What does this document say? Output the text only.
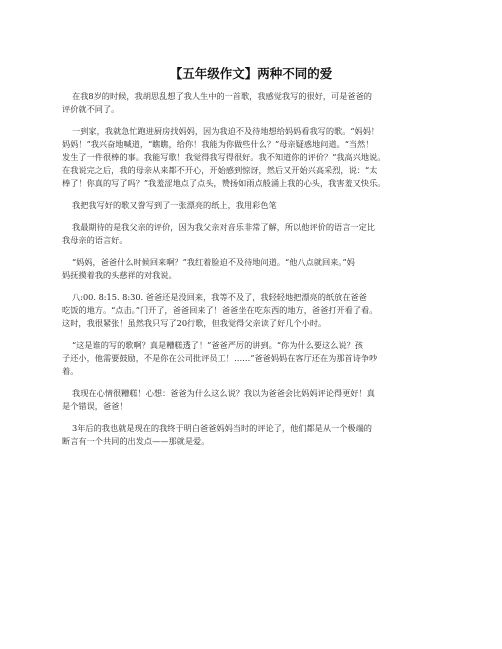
【五年级作文】两种不同的爱

在我8岁的时候，我胡思乱想了我人生中的一首歌，我感觉我写的很好，可是爸爸的
评价就不同了。

一到家，我就急忙跑进厨房找妈妈，因为我迫不及待地想给妈妈看我写的歌。“妈妈！
妈妈！”我兴奋地喊道，“瞧瞧，给你！我能为你做些什么？”母亲疑惑地问道。“当然！
发生了一件很棒的事。我能写歌！我觉得我写得很好。我不知道你的评价？”我高兴地说。
在我说完之后，我的母亲从来都不开心，开始感到惊讶，然后又开始兴高采烈，说：“太
棒了！你真的写了吗？”我羞涩地点了点头，赞扬如雨点般涌上我的心头，我害羞又快乐。

我把我写好的歌又誊写到了一张漂亮的纸上，我用彩色笔

我最期待的是我父亲的评价，因为我父亲对音乐非常了解，所以他评价的语言一定比
我母亲的语言好。

“妈妈，爸爸什么时候回来啊？”我红着脸迫不及待地问道。“他八点就回来。”妈
妈抚摸着我的头慈祥的对我说。

八:00. 8:15. 8:30. 爸爸还是没回来，我等不及了，我轻轻地把漂亮的纸放在爸爸
吃饭的地方。“点击。”门开了，爸爸回来了！爸爸坐在吃东西的地方，爸爸打开看了看。
这时，我很紧张！虽然我只写了20行歌，但我觉得父亲读了好几个小时。

“这是谁的写的歌啊？真是糟糕透了！”爸爸严厉的讲到。“你为什么要这么说？孩
子还小，他需要鼓励，不是你在公司批评员工！……”爸爸妈妈在客厅还在为那首诗争吵
着。

我现在心情很糟糕！心想：爸爸为什么这么说？我以为爸爸会比妈妈评论得更好！真
是个错误，爸爸！

3年后的我也就是现在的我终于明白爸爸妈妈当时的评论了，他们都是从一个极端的
断言有一个共同的出发点——那就是爱。
